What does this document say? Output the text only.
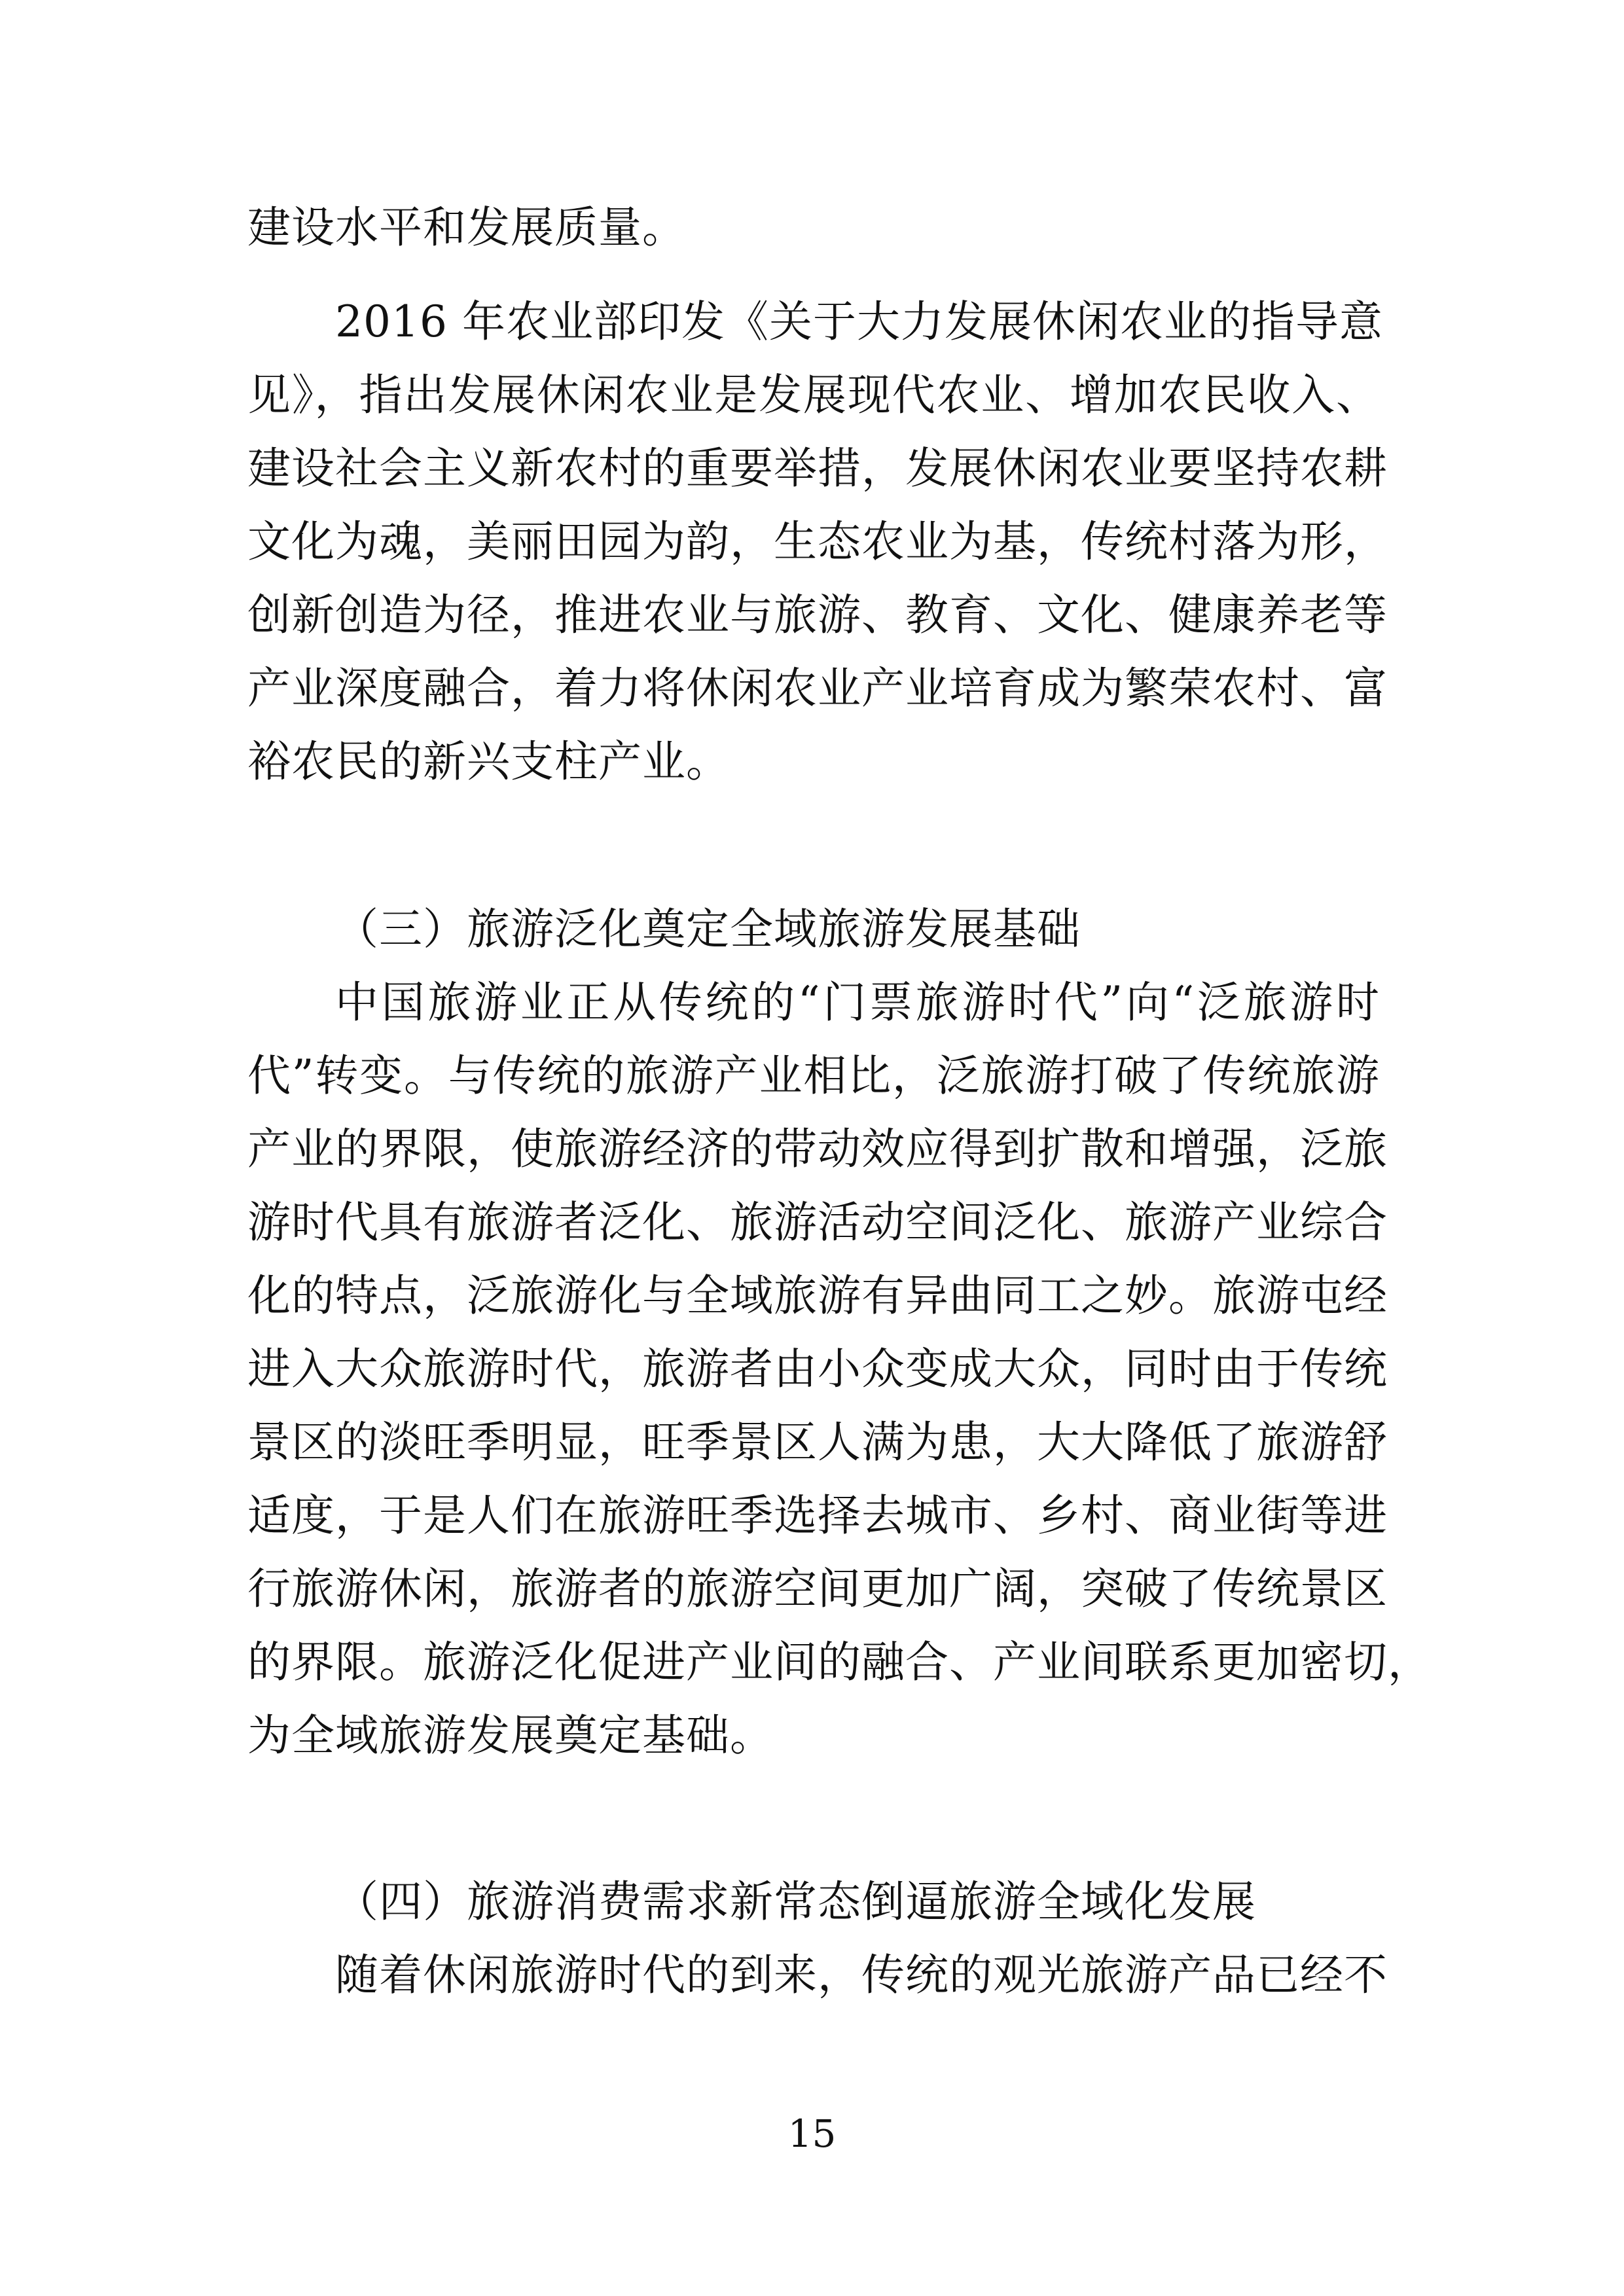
建设水平和发展质量。
2016 年农业部印发《关于大力发展休闲农业的指导意
见》，指出发展休闲农业是发展现代农业、增加农民收入、
建设社会主义新农村的重要举措，发展休闲农业要坚持农耕
文化为魂，美丽田园为韵，生态农业为基，传统村落为形，
创新创造为径，推进农业与旅游、教育、文化、健康养老等
产业深度融合，着力将休闲农业产业培育成为繁荣农村、富
裕农民的新兴支柱产业。
（三）旅游泛化奠定全域旅游发展基础
中国旅游业正从传统的“门票旅游时代”向“泛旅游时
代”转变。与传统的旅游产业相比，泛旅游打破了传统旅游
产业的界限，使旅游经济的带动效应得到扩散和增强，泛旅
游时代具有旅游者泛化、旅游活动空间泛化、旅游产业综合
化的特点，泛旅游化与全域旅游有异曲同工之妙。旅游屯经
进入大众旅游时代，旅游者由小众变成大众，同时由于传统
景区的淡旺季明显，旺季景区人满为患，大大降低了旅游舒
适度，于是人们在旅游旺季选择去城市、乡村、商业街等进
行旅游休闲，旅游者的旅游空间更加广阔，突破了传统景区
的界限。旅游泛化促进产业间的融合、产业间联系更加密切，
为全域旅游发展奠定基础。
（四）旅游消费需求新常态倒逼旅游全域化发展
随着休闲旅游时代的到来，传统的观光旅游产品已经不
15
